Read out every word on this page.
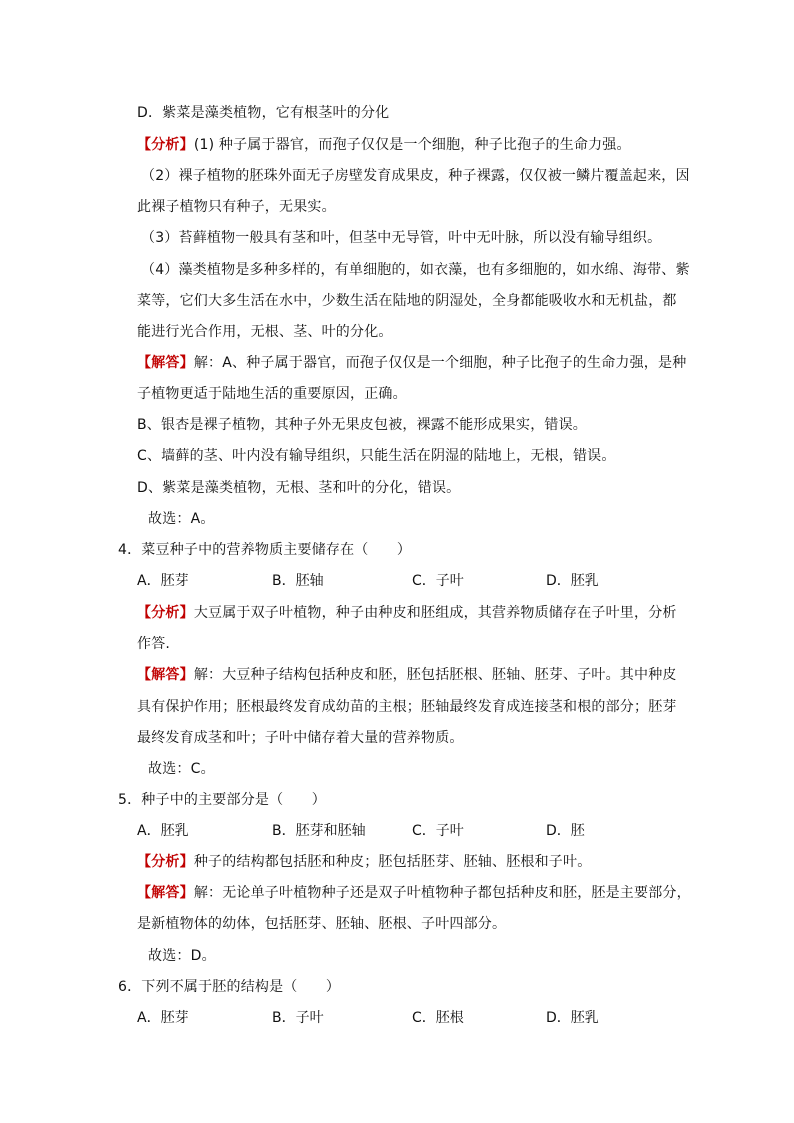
D．紫菜是藻类植物，它有根茎叶的分化
【分析】(1) 种子属于器官，而孢子仅仅是一个细胞，种子比孢子的生命力强。
（2）裸子植物的胚珠外面无子房壁发育成果皮，种子裸露，仅仅被一鳞片覆盖起来，因
此裸子植物只有种子，无果实。
（3）苔藓植物一般具有茎和叶，但茎中无导管，叶中无叶脉，所以没有输导组织。
（4）藻类植物是多种多样的，有单细胞的，如衣藻，也有多细胞的，如水绵、海带、紫
菜等，它们大多生活在水中，少数生活在陆地的阴湿处，全身都能吸收水和无机盐，都
能进行光合作用，无根、茎、叶的分化。
【解答】解：A、种子属于器官，而孢子仅仅是一个细胞，种子比孢子的生命力强，是种
子植物更适于陆地生活的重要原因，正确。
B、银杏是裸子植物，其种子外无果皮包被，裸露不能形成果实，错误。
C、墙藓的茎、叶内没有输导组织，只能生活在阴湿的陆地上，无根，错误。
D、紫菜是藻类植物，无根、茎和叶的分化，错误。
故选：A。
4．菜豆种子中的营养物质主要储存在（　　）
A．胚芽	B．胚轴	C．子叶	D．胚乳
【分析】大豆属于双子叶植物，种子由种皮和胚组成，其营养物质储存在子叶里，分析
作答.
【解答】解：大豆种子结构包括种皮和胚，胚包括胚根、胚轴、胚芽、子叶。其中种皮
具有保护作用；胚根最终发育成幼苗的主根；胚轴最终发育成连接茎和根的部分；胚芽
最终发育成茎和叶；子叶中储存着大量的营养物质。
故选：C。
5．种子中的主要部分是（　　）
A．胚乳	B．胚芽和胚轴	C．子叶	D．胚
【分析】种子的结构都包括胚和种皮；胚包括胚芽、胚轴、胚根和子叶。
【解答】解：无论单子叶植物种子还是双子叶植物种子都包括种皮和胚，胚是主要部分，
是新植物体的幼体，包括胚芽、胚轴、胚根、子叶四部分。
故选：D。
6．下列不属于胚的结构是（　　）
A．胚芽	B．子叶	C．胚根	D．胚乳
